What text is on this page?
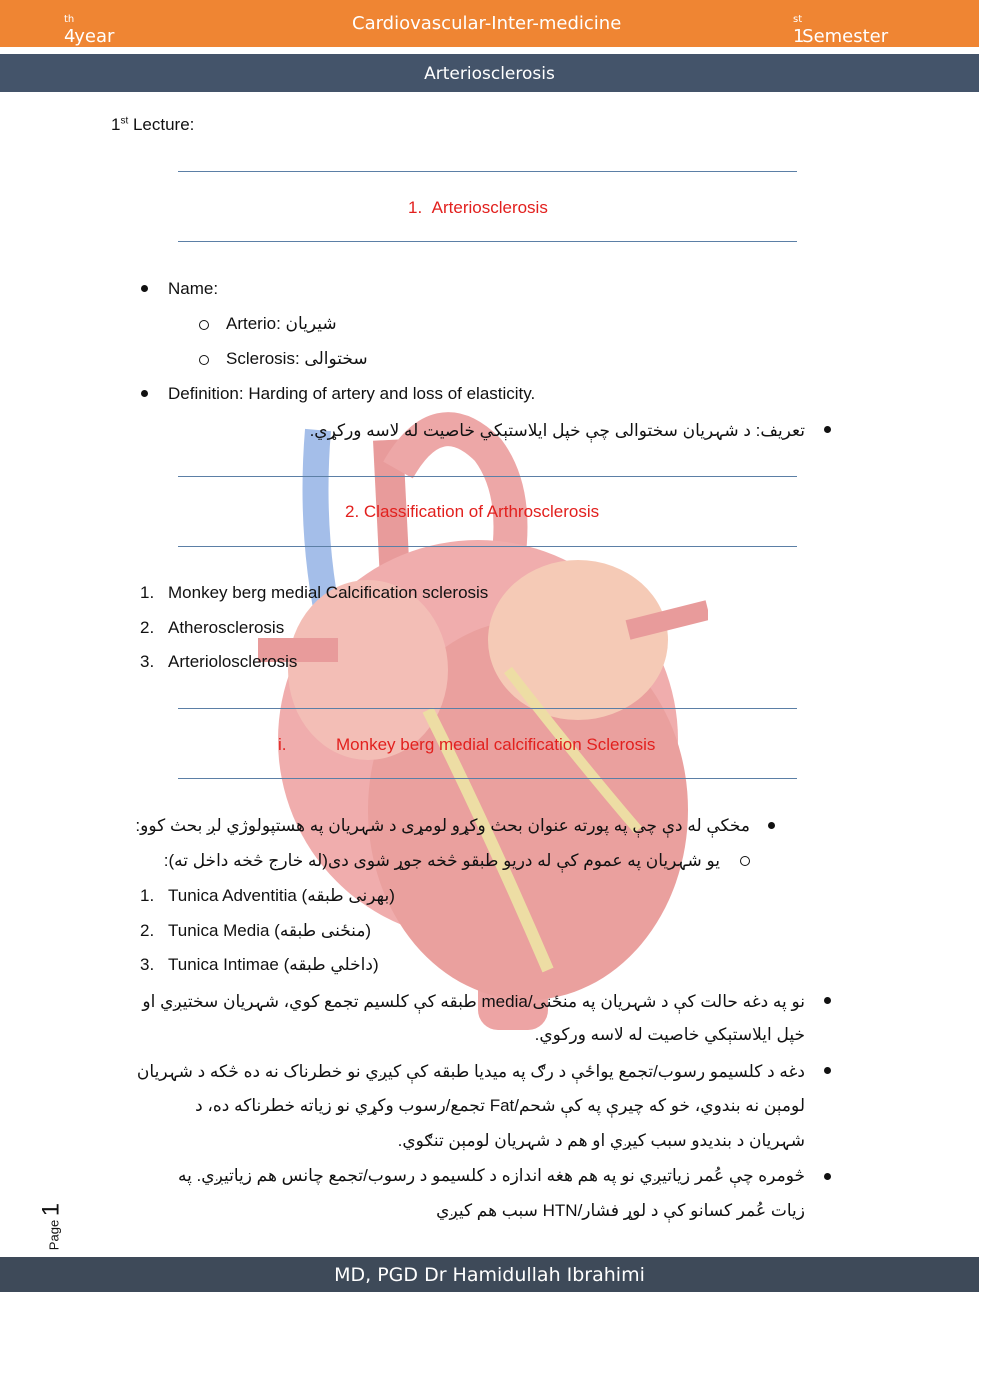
4
$^{th}$
year
Cardiovascular-Inter-medicine
1
$^{st}$
Semester
Arteriosclerosis
1st Lecture:
1. Arteriosclerosis
Name:
Arterio: شیریان
Sclerosis: سختوالی
Definition: Harding of artery and loss of elasticity.
تعریف: د شہریان سختوالی چې خپل ایلاستېکي خاصیت له لاسه ورکړي.
2. Classification of Arthrosclerosis
1. Monkey berg medial Calcification sclerosis
2. Atherosclerosis
3. Arteriolosclerosis
i.	Monkey berg medial calcification Sclerosis
مخکې له دې چې په پورته عنوان بحث وکړو لومړی د شہریان په هستپولوژي لږ بحث کوو:
یو شہریان په عموم کې له دریو طبقو څخه جوړ شوی دی(له خارج څخه داخل ته):
1. Tunica Adventitia (بهرنی طبقه)
2. Tunica Media (منځنی طبقه)
3. Tunica Intimae (داخلي طبقه)
نو په دغه حالت کې د شہریان په منځنی/media طبقه کې کلسیم تجمع کوي، شہریان سختیږي او
خپل ایلاستېکي خاصیت له لاسه ورکوي.
دغه د کلسیمو رسوب/تجمع یواځې د رګ په میدیا طبقه کې کیږي نو خطرناک نه ده څکه د شہریان
لومېن نه بندوي، خو که چیرې په کې شحم/Fat تجمع/رسوب وکړي نو زیاته خطرناکه ده، د
شہریان د بندیدو سبب کیږي او هم د شہریان لومېن تنګوي.
څومره چې عُمر زیاتیږي نو په هم هغه اندازه د کلسیمو د رسوب/تجمع چانس هم زیاتیږي. په
زیات عُمر کسانو کې د لوړ فشار/HTN سبب هم کیږي
Page 1
MD, PGD Dr Hamidullah Ibrahimi
